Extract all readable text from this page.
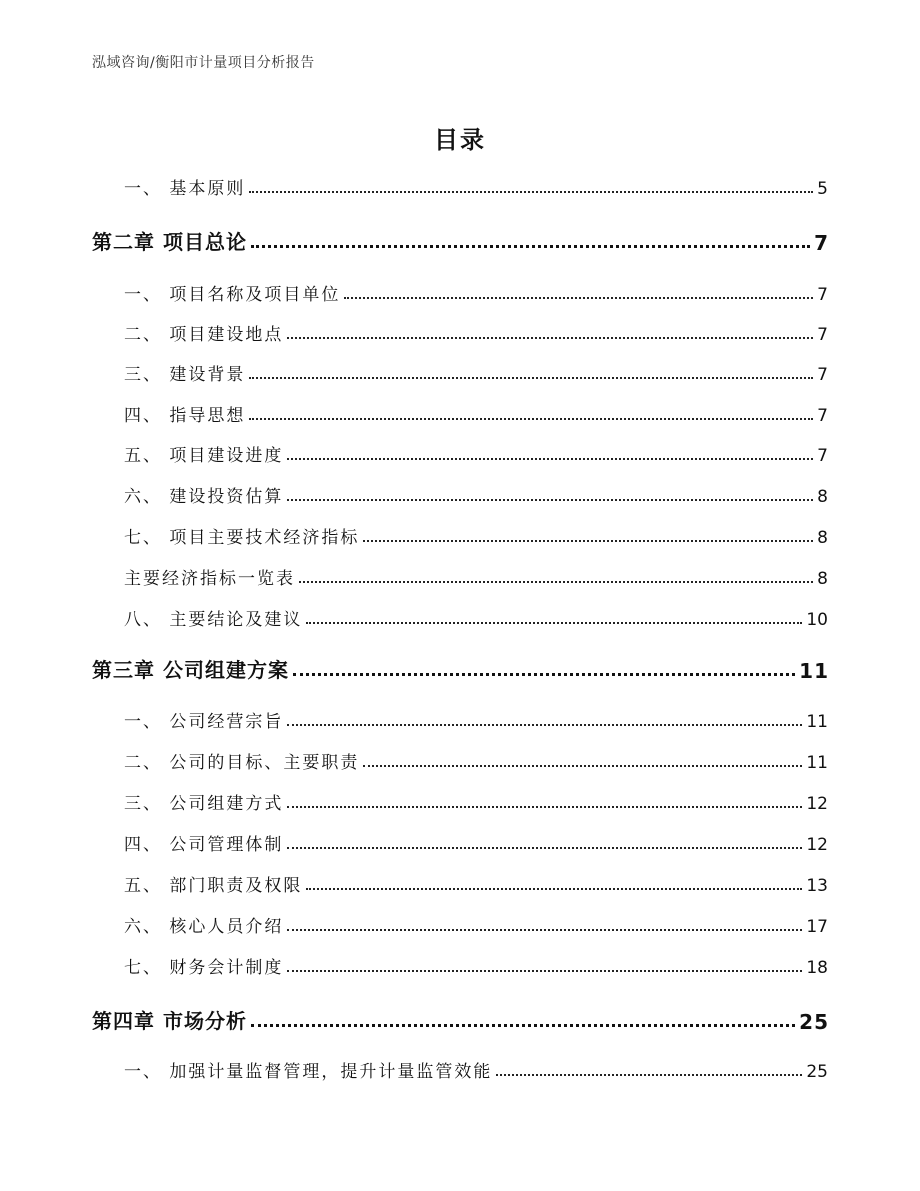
泓域咨询/衡阳市计量项目分析报告
目录
一、 基本原则	5
第二章 项目总论	7
一、 项目名称及项目单位	7
二、 项目建设地点	7
三、 建设背景	7
四、 指导思想	7
五、 项目建设进度	7
六、 建设投资估算	8
七、 项目主要技术经济指标	8
主要经济指标一览表	8
八、 主要结论及建议	10
第三章 公司组建方案	11
一、 公司经营宗旨	11
二、 公司的目标、主要职责	11
三、 公司组建方式	12
四、 公司管理体制	12
五、 部门职责及权限	13
六、 核心人员介绍	17
七、 财务会计制度	18
第四章 市场分析	25
一、 加强计量监督管理，提升计量监管效能	25
